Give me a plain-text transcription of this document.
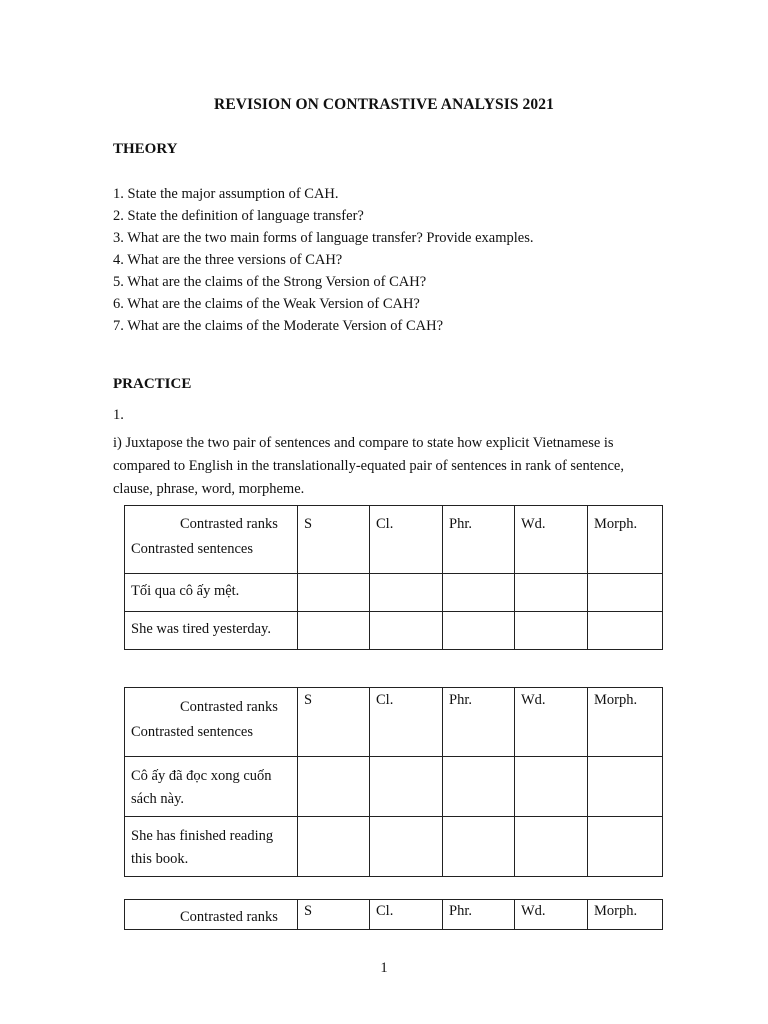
REVISION ON CONTRASTIVE ANALYSIS 2021
THEORY

1. State the major assumption of CAH.

2. State the definition of language transfer?

3. What are the two main forms of language transfer? Provide examples.

4. What are the three versions of CAH?

5. What are the claims of the Strong Version of CAH?

6. What are the claims of the Weak Version of CAH?

7. What are the claims of the Moderate Version of CAH?

PRACTICE
1.
i) Juxtapose the two pair of sentences and compare to state how explicit Vietnamese is compared to English in the translationally-equated pair of sentences in rank of sentence, clause, phrase, word, morpheme.
Contrasted ranks
Contrasted sentences	S	Cl.	Phr.	Wd.	Morph.
Tối qua cô ấy mệt.					
She was tired yesterday.					
Contrasted ranks
Contrasted sentences	S	Cl.	Phr.	Wd.	Morph.
Cô ấy đã đọc xong cuốn sách này.					
She has finished reading this book.					
Contrasted ranks	S	Cl.	Phr.	Wd.	Morph.
1
